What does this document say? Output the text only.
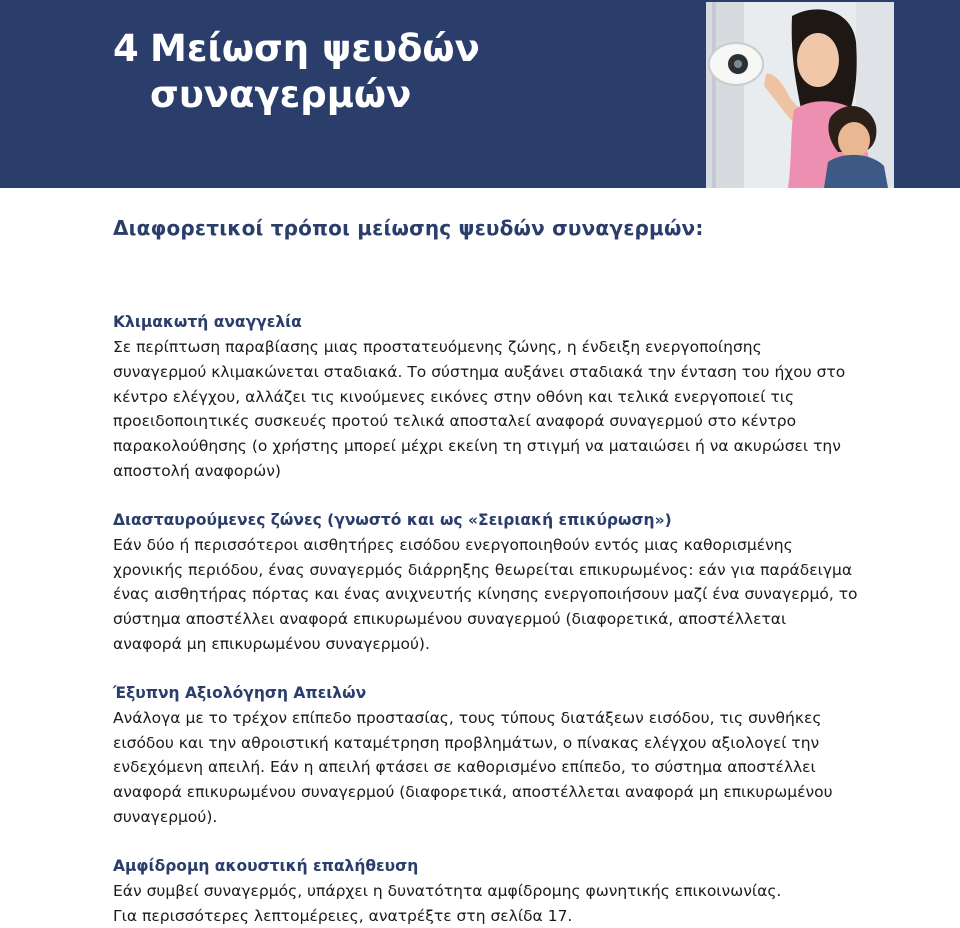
4 Μείωση ψευδών
συναγερμών
Διαφορετικοί τρόποι μείωσης ψευδών συναγερμών:
Κλιμακωτή αναγγελία
Σε περίπτωση παραβίασης μιας προστατευόμενης ζώνης, η ένδειξη ενεργοποίησης
συναγερμού κλιμακώνεται σταδιακά. Το σύστημα αυξάνει σταδιακά την ένταση του ήχου στο
κέντρο ελέγχου, αλλάζει τις κινούμενες εικόνες στην οθόνη και τελικά ενεργοποιεί τις
προειδοποιητικές συσκευές προτού τελικά αποσταλεί αναφορά συναγερμού στο κέντρο
παρακολούθησης (ο χρήστης μπορεί μέχρι εκείνη τη στιγμή να ματαιώσει ή να ακυρώσει την
αποστολή αναφορών)
Διασταυρούμενες ζώνες (γνωστό και ως «Σειριακή επικύρωση»)
Εάν δύο ή περισσότεροι αισθητήρες εισόδου ενεργοποιηθούν εντός μιας καθορισμένης
χρονικής περιόδου, ένας συναγερμός διάρρηξης θεωρείται επικυρωμένος: εάν για παράδειγμα
ένας αισθητήρας πόρτας και ένας ανιχνευτής κίνησης ενεργοποιήσουν μαζί ένα συναγερμό, το
σύστημα αποστέλλει αναφορά επικυρωμένου συναγερμού (διαφορετικά, αποστέλλεται
αναφορά μη επικυρωμένου συναγερμού).
Έξυπνη Αξιολόγηση Απειλών
Ανάλογα με το τρέχον επίπεδο προστασίας, τους τύπους διατάξεων εισόδου, τις συνθήκες
εισόδου και την αθροιστική καταμέτρηση προβλημάτων, ο πίνακας ελέγχου αξιολογεί την
ενδεχόμενη απειλή. Εάν η απειλή φτάσει σε καθορισμένο επίπεδο, το σύστημα αποστέλλει
αναφορά επικυρωμένου συναγερμού (διαφορετικά, αποστέλλεται αναφορά μη επικυρωμένου
συναγερμού).
Αμφίδρομη ακουστική επαλήθευση
Εάν συμβεί συναγερμός, υπάρχει η δυνατότητα αμφίδρομης φωνητικής επικοινωνίας.
Για περισσότερες λεπτομέρειες, ανατρέξτε στη σελίδα 17.
